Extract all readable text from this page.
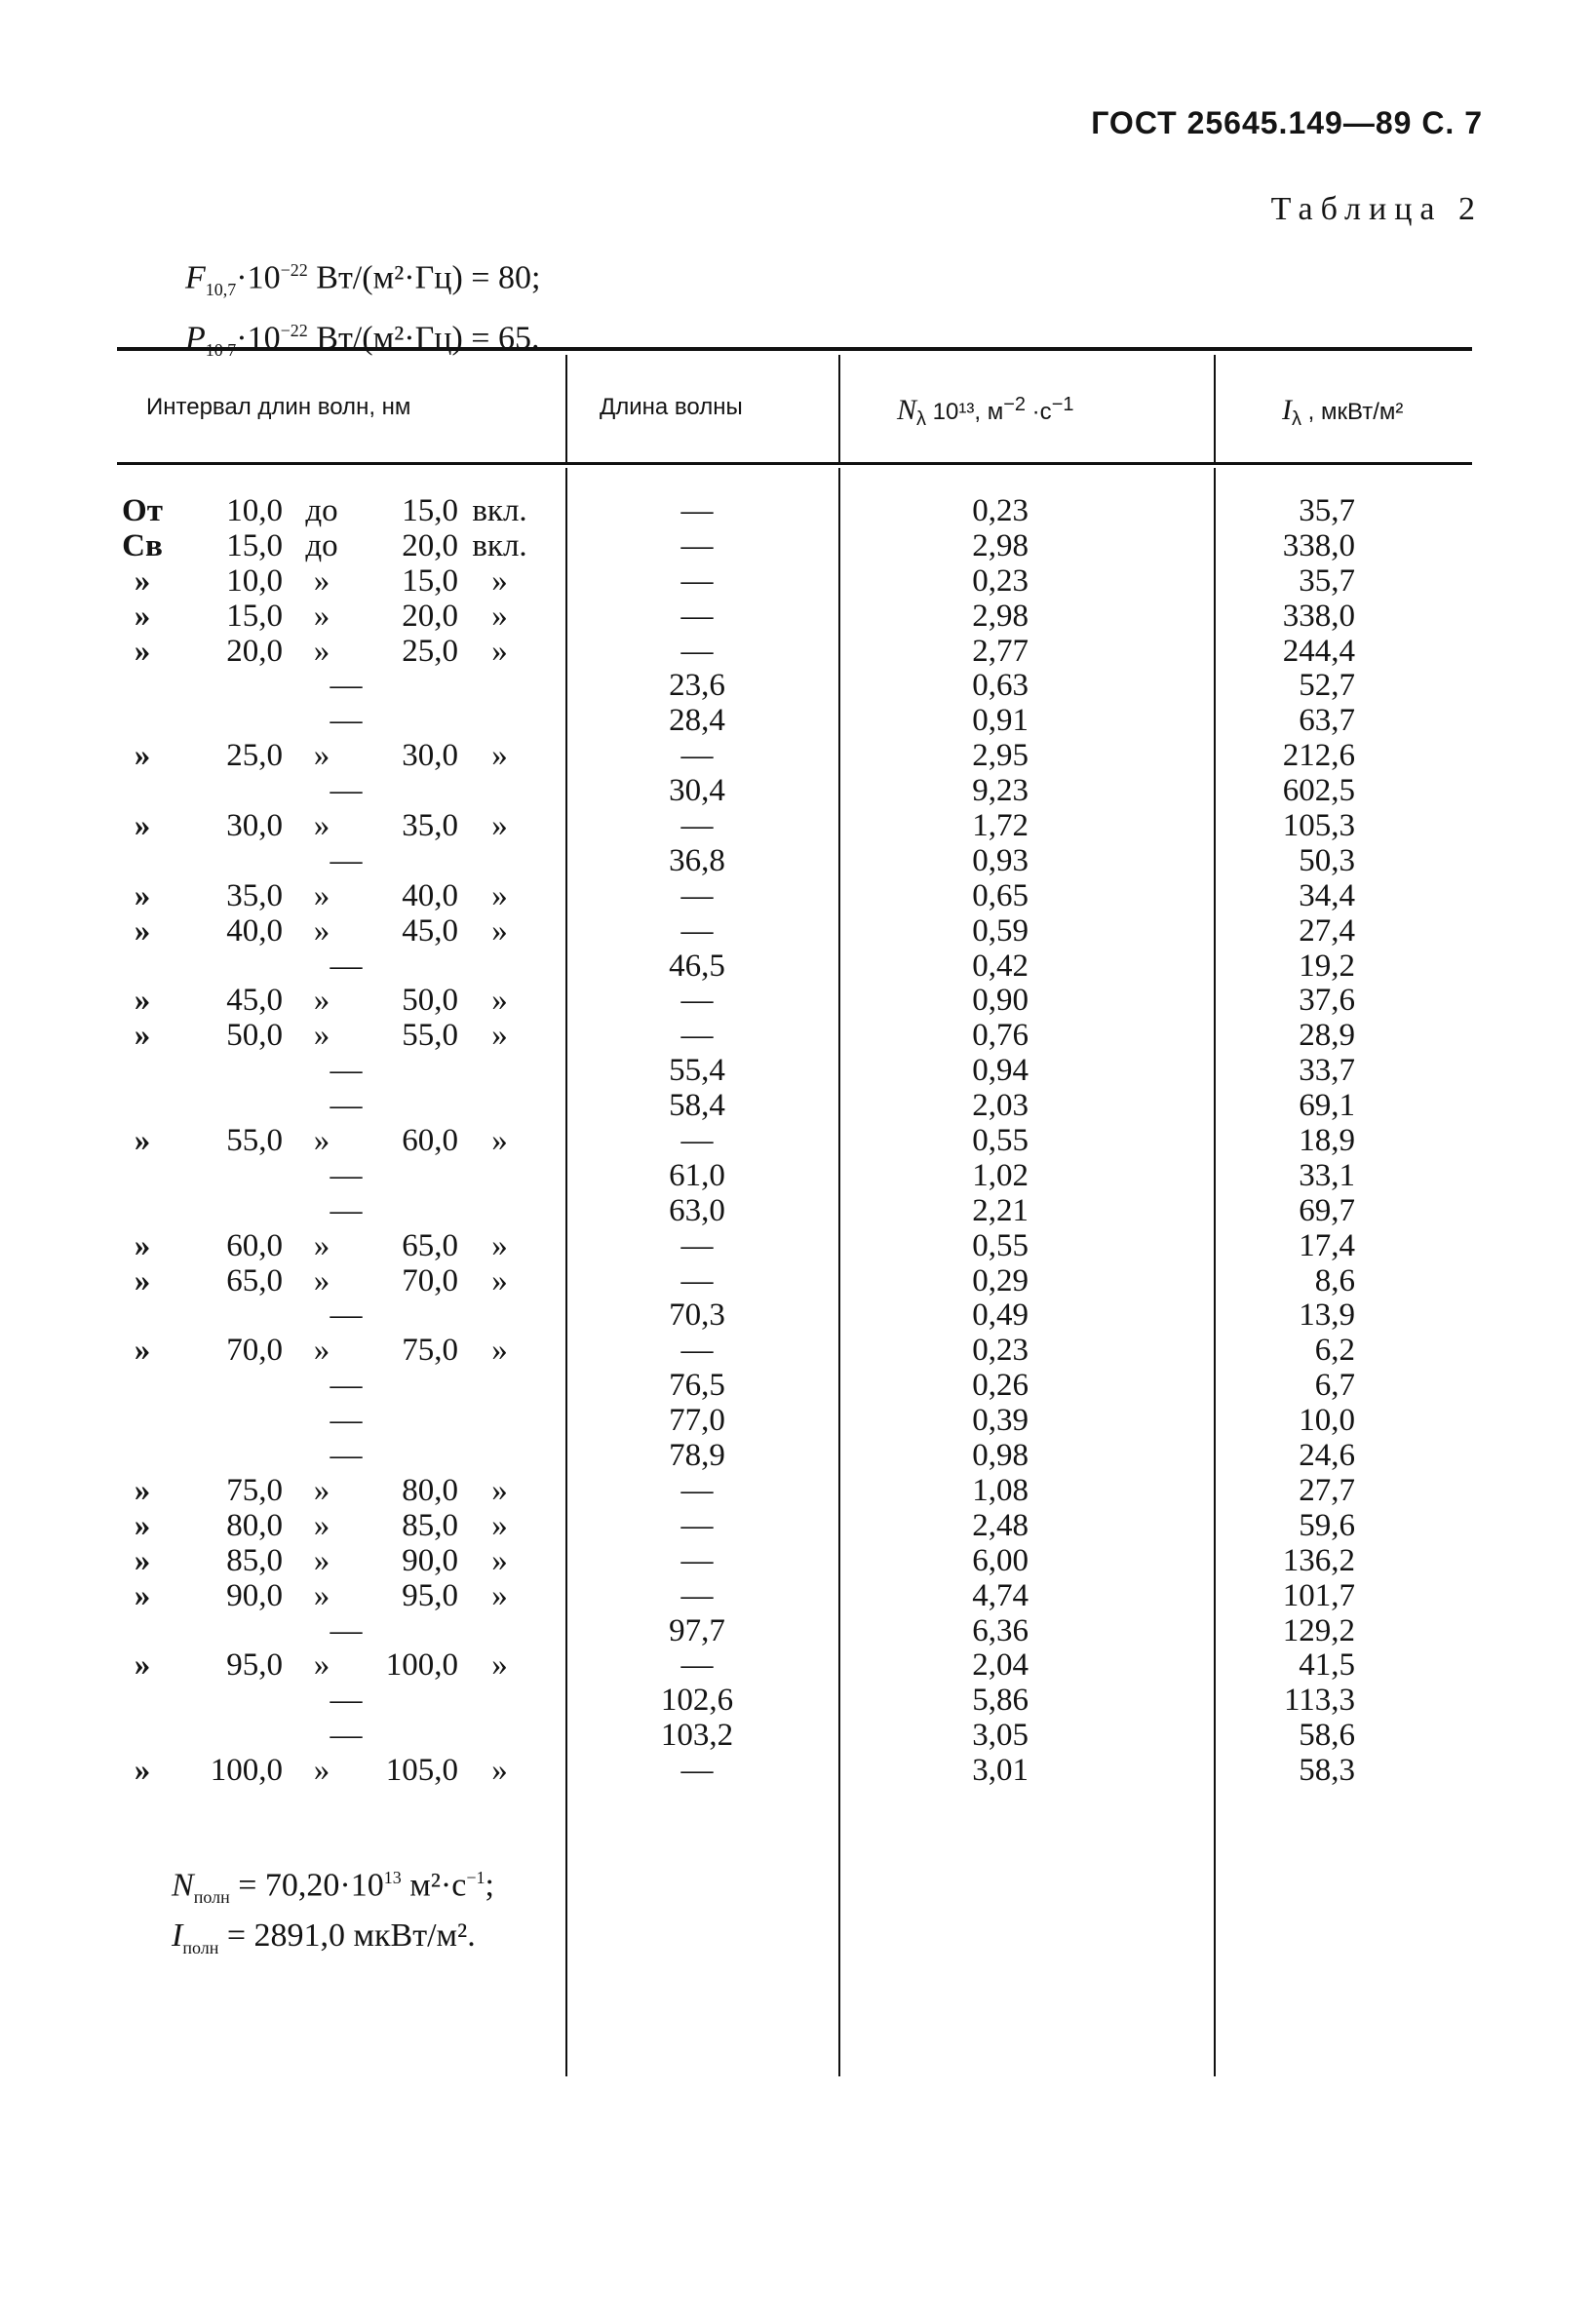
ГОСТ 25645.149—89 С. 7
Таблица 2
$F_{10,7}\cdot 10^{-22}$ Вт/(м²·Гц) = 80;
$P_{10 7}\cdot 10^{-22}$ Вт/(м²·Гц) = 65.
Интервал длин волн, нм	Длина волны	$N_\lambda$ 10¹³, $м^{-2} \cdot с^{-1}$	$I_\lambda$ , мкВт/м²
От	10,0 до	15,0 вкл.	—	0,23	35,7
Св	15,0 до	20,0 вкл.	—	2,98	338,0
»	10,0 »	15,0	»	—	0,23	35,7
»	15,0 »	20,0	»	—	2,98	338,0
»	20,0 »	25,0	»	—	2,77	244,4
—	23,6	0,63	52,7
—	28,4	0,91	63,7
»	25,0 »	30,0	»	—	2,95	212,6
—	30,4	9,23	602,5
»	30,0 »	35,0	»	—	1,72	105,3
—	36,8	0,93	50,3
»	35,0 »	40,0	»	—	0,65	34,4
»	40,0 »	45,0	»	—	0,59	27,4
—	46,5	0,42	19,2
»	45,0 »	50,0	»	—	0,90	37,6
»	50,0 »	55,0	»	—	0,76	28,9
—	55,4	0,94	33,7
—	58,4	2,03	69,1
»	55,0 »	60,0	»	—	0,55	18,9
—	61,0	1,02	33,1
—	63,0	2,21	69,7
»	60,0 »	65,0	»	—	0,55	17,4
»	65,0 »	70,0	»	—	0,29	8,6
—	70,3	0,49	13,9
»	70,0 »	75,0	»	—	0,23	6,2
—	76,5	0,26	6,7
—	77,0	0,39	10,0
—	78,9	0,98	24,6
»	75,0 »	80,0	»	—	1,08	27,7
»	80,0 »	85,0	»	—	2,48	59,6
»	85,0 »	90,0	»	—	6,00	136,2
»	90,0 »	95,0	»	—	4,74	101,7
—	97,7	6,36	129,2
»	95,0 »	100,0	»	—	2,04	41,5
—	102,6	5,86	113,3
—	103,2	3,05	58,6
»	100,0 »	105,0	»	—	3,01	58,3
$N_{полн} = 70,20\cdot 10^{13}$ $м^2\cdot с^{-1}$;
$I_{полн} = 2891,0$ мкВт/м².
